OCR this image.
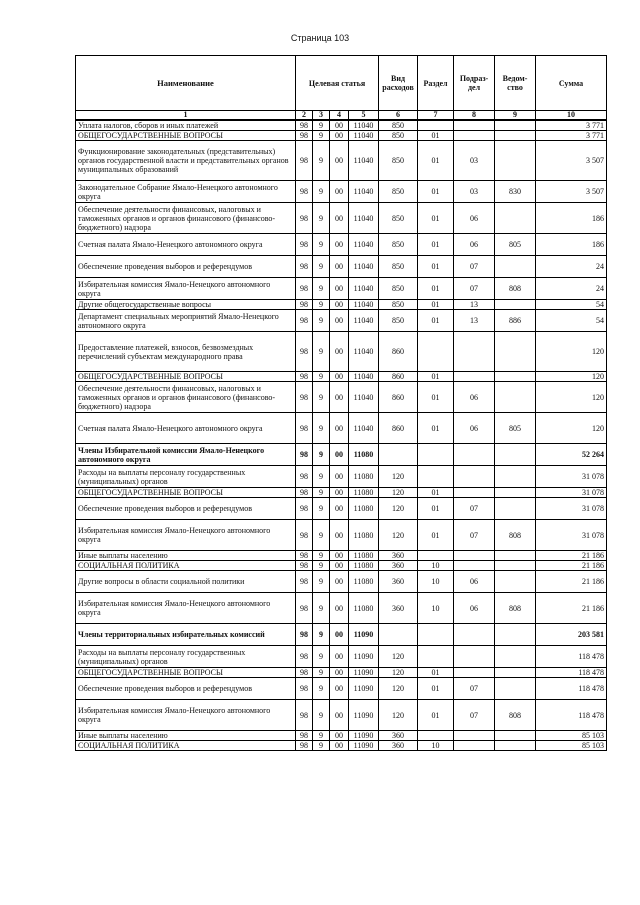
Страница 103
Наименование	Целевая статья				Вид расходов	Раздел	Подраз-дел	Ведом-ство	Сумма
1	2	3	4	5	6	7	8	9	10
Уплата налогов, сборов и иных платежей	98	9	00	11040	850				3 771
ОБЩЕГОСУДАРСТВЕННЫЕ ВОПРОСЫ	98	9	00	11040	850	01			3 771
Функционирование законодательных (представительных) органов государственной власти и представительных органов муниципальных образований	98	9	00	11040	850	01	03		3 507
Законодательное Собрание Ямало-Ненецкого автономного округа	98	9	00	11040	850	01	03	830	3 507
Обеспечение деятельности финансовых, налоговых и таможенных органов и органов финансового (финансово-бюджетного) надзора	98	9	00	11040	850	01	06		186
Счетная палата Ямало-Ненецкого автономного округа	98	9	00	11040	850	01	06	805	186
Обеспечение проведения выборов и референдумов	98	9	00	11040	850	01	07		24
Избирательная комиссия Ямало-Ненецкого автономного округа	98	9	00	11040	850	01	07	808	24
Другие общегосударственные вопросы	98	9	00	11040	850	01	13		54
Департамент специальных мероприятий Ямало-Ненецкого автономного округа	98	9	00	11040	850	01	13	886	54
Предоставление платежей, взносов, безвозмездных перечислений субъектам международного права	98	9	00	11040	860				120
ОБЩЕГОСУДАРСТВЕННЫЕ ВОПРОСЫ	98	9	00	11040	860	01			120
Обеспечение деятельности финансовых, налоговых и таможенных органов и органов финансового (финансово-бюджетного) надзора	98	9	00	11040	860	01	06		120
Счетная палата Ямало-Ненецкого автономного округа	98	9	00	11040	860	01	06	805	120
Члены Избирательной комиссии Ямало-Ненецкого автономного округа	98	9	00	11080					52 264
Расходы на выплаты персоналу государственных (муниципальных) органов	98	9	00	11080	120				31 078
ОБЩЕГОСУДАРСТВЕННЫЕ ВОПРОСЫ	98	9	00	11080	120	01			31 078
Обеспечение проведения выборов и референдумов	98	9	00	11080	120	01	07		31 078
Избирательная комиссия Ямало-Ненецкого автономного округа	98	9	00	11080	120	01	07	808	31 078
Иные выплаты населению	98	9	00	11080	360				21 186
СОЦИАЛЬНАЯ ПОЛИТИКА	98	9	00	11080	360	10			21 186
Другие вопросы в области социальной политики	98	9	00	11080	360	10	06		21 186
Избирательная комиссия Ямало-Ненецкого автономного округа	98	9	00	11080	360	10	06	808	21 186
Члены территориальных избирательных комиссий	98	9	00	11090					203 581
Расходы на выплаты персоналу государственных (муниципальных) органов	98	9	00	11090	120				118 478
ОБЩЕГОСУДАРСТВЕННЫЕ ВОПРОСЫ	98	9	00	11090	120	01			118 478
Обеспечение проведения выборов и референдумов	98	9	00	11090	120	01	07		118 478
Избирательная комиссия Ямало-Ненецкого автономного округа	98	9	00	11090	120	01	07	808	118 478
Иные выплаты населению	98	9	00	11090	360				85 103
СОЦИАЛЬНАЯ ПОЛИТИКА	98	9	00	11090	360	10			85 103
